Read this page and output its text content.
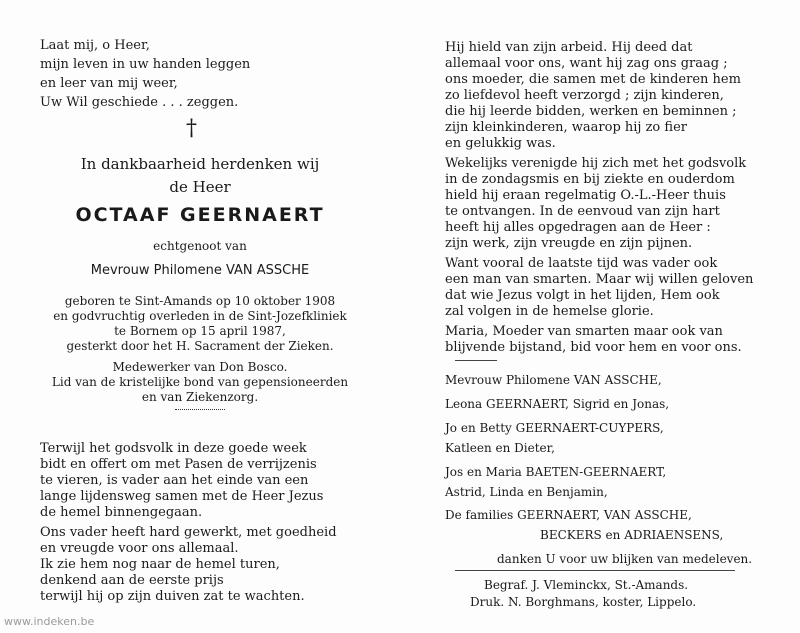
Laat mij, o Heer,
mijn leven in uw handen leggen
en leer van mij weer,
Uw Wil geschiede . . . zeggen.
†
In dankbaarheid herdenken wij
de Heer
OCTAAF GEERNAERT
echtgenoot van
Mevrouw Philomene VAN ASSCHE
geboren te Sint-Amands op 10 oktober 1908
en godvruchtig overleden in de Sint-Jozefkliniek
te Bornem op 15 april 1987,
gesterkt door het H. Sacrament der Zieken.
Medewerker van Don Bosco.
Lid van de kristelijke bond van gepensioneerden
en van Ziekenzorg.
Terwijl het godsvolk in deze goede week
bidt en offert om met Pasen de verrijzenis
te vieren, is vader aan het einde van een
lange lijdensweg samen met de Heer Jezus
de hemel binnengegaan.
Ons vader heeft hard gewerkt, met goedheid
en vreugde voor ons allemaal.
Ik zie hem nog naar de hemel turen,
denkend aan de eerste prijs
terwijl hij op zijn duiven zat te wachten.
Hij hield van zijn arbeid. Hij deed dat
allemaal voor ons, want hij zag ons graag ;
ons moeder, die samen met de kinderen hem
zo liefdevol heeft verzorgd ; zijn kinderen,
die hij leerde bidden, werken en beminnen ;
zijn kleinkinderen, waarop hij zo fier
en gelukkig was.
Wekelijks verenigde hij zich met het godsvolk
in de zondagsmis en bij ziekte en ouderdom
hield hij eraan regelmatig O.-L.-Heer thuis
te ontvangen. In de eenvoud van zijn hart
heeft hij alles opgedragen aan de Heer :
zijn werk, zijn vreugde en zijn pijnen.
Want vooral de laatste tijd was vader ook
een man van smarten. Maar wij willen geloven
dat wie Jezus volgt in het lijden, Hem ook
zal volgen in de hemelse glorie.
Maria, Moeder van smarten maar ook van
blijvende bijstand, bid voor hem en voor ons.
Mevrouw Philomene VAN ASSCHE,
Leona GEERNAERT, Sigrid en Jonas,
Jo en Betty GEERNAERT-CUYPERS,
Katleen en Dieter,
Jos en Maria BAETEN-GEERNAERT,
Astrid, Linda en Benjamin,
De families GEERNAERT, VAN ASSCHE,
BECKERS en ADRIAENSENS,
danken U voor uw blijken van medeleven.
Begraf. J. Vleminckx, St.-Amands.
Druk. N. Borghmans, koster, Lippelo.
www.indeken.be
